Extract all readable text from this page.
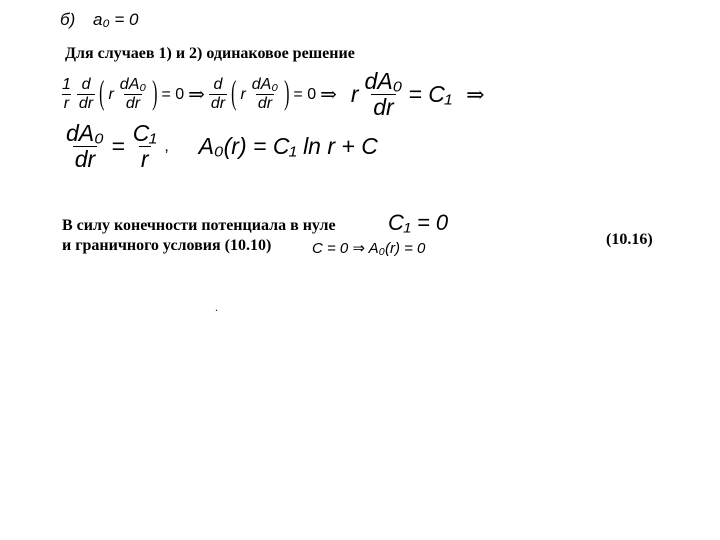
б) a₀ = 0
Для случаев 1) и 2) одинаковое решение
$\frac{1}{r}$
$\frac{d}{dr}$ ( r $\frac{\text{dA₀}}{dr}$ ) = 0 ⇒ $\frac{d}{dr}$ ( r $\frac{\text{dA₀}}{dr}$ ) = 0 ⇒ r $\frac{\text{dA₀}}{dr} = C_1$ ⇒
$\frac{\text{dA₀}}{dr} = \frac{\text{C₁}}{r}$ , A₀(r) = C₁ ln r + C
В силу конечности потенциала в нуле
и граничного условия (10.10)
C₁ = 0
C = 0 ⇒ A₀(r) = 0
(10.16)
.
